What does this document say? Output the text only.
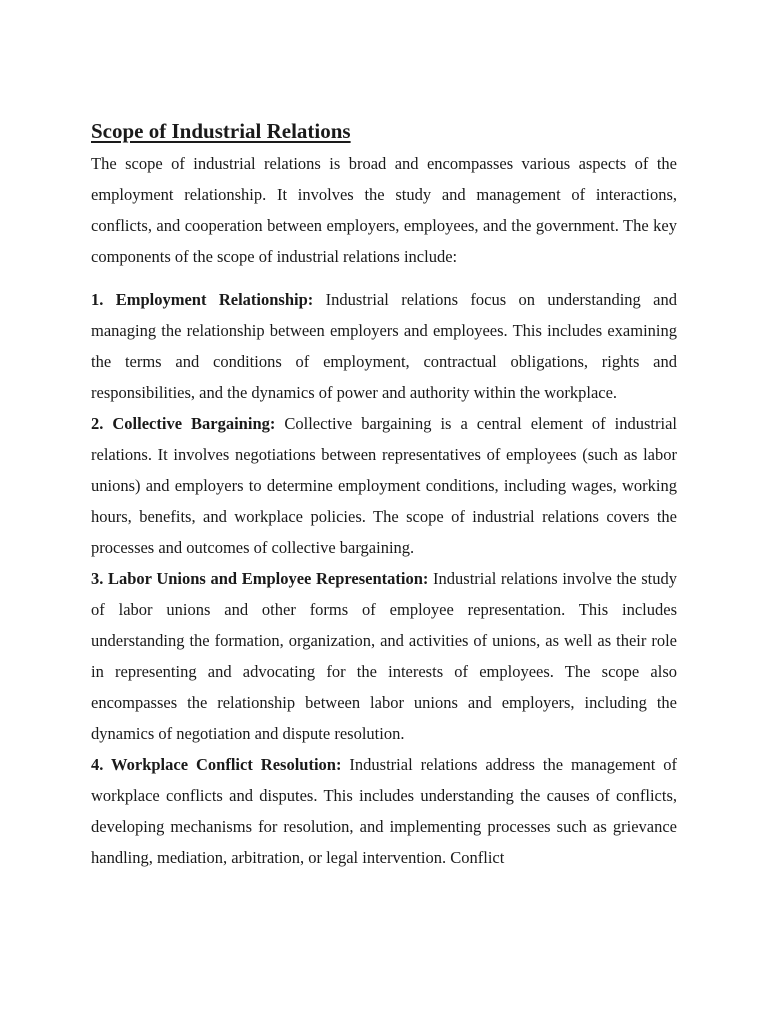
Scope of Industrial Relations

The scope of industrial relations is broad and encompasses various aspects of the employment relationship. It involves the study and management of interactions, conflicts, and cooperation between employers, employees, and the government. The key components of the scope of industrial relations include:

1. Employment Relationship: Industrial relations focus on understanding and managing the relationship between employers and employees. This includes examining the terms and conditions of employment, contractual obligations, rights and responsibilities, and the dynamics of power and authority within the workplace.

2. Collective Bargaining: Collective bargaining is a central element of industrial relations. It involves negotiations between representatives of employees (such as labor unions) and employers to determine employment conditions, including wages, working hours, benefits, and workplace policies. The scope of industrial relations covers the processes and outcomes of collective bargaining.

3. Labor Unions and Employee Representation: Industrial relations involve the study of labor unions and other forms of employee representation. This includes understanding the formation, organization, and activities of unions, as well as their role in representing and advocating for the interests of employees. The scope also encompasses the relationship between labor unions and employers, including the dynamics of negotiation and dispute resolution.

4. Workplace Conflict Resolution: Industrial relations address the management of workplace conflicts and disputes. This includes understanding the causes of conflicts, developing mechanisms for resolution, and implementing processes such as grievance handling, mediation, arbitration, or legal intervention. Conflict
